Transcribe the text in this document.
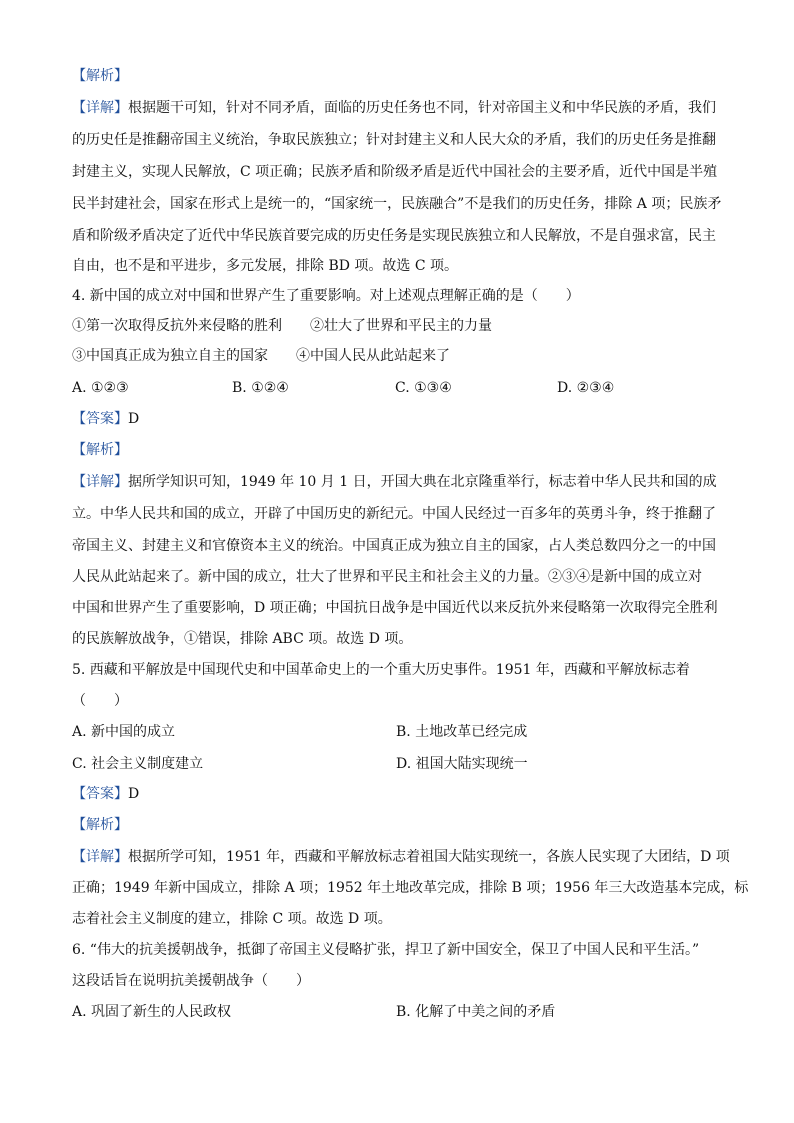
【解析】
【详解】根据题干可知，针对不同矛盾，面临的历史任务也不同，针对帝国主义和中华民族的矛盾，我们
的历史任是推翻帝国主义统治，争取民族独立；针对封建主义和人民大众的矛盾，我们的历史任务是推翻
封建主义，实现人民解放，C 项正确；民族矛盾和阶级矛盾是近代中国社会的主要矛盾，近代中国是半殖
民半封建社会，国家在形式上是统一的，“国家统一，民族融合”不是我们的历史任务，排除 A 项；民族矛
盾和阶级矛盾决定了近代中华民族首要完成的历史任务是实现民族独立和人民解放，不是自强求富，民主
自由，也不是和平进步，多元发展，排除 BD 项。故选 C 项。
4. 新中国的成立对中国和世界产生了重要影响。对上述观点理解正确的是（　　）
①第一次取得反抗外来侵略的胜利　　②壮大了世界和平民主的力量
③中国真正成为独立自主的国家　　④中国人民从此站起来了
A. ①②③	B. ①②④	C. ①③④	D. ②③④
【答案】D
【解析】
【详解】据所学知识可知，1949 年 10 月 1 日，开国大典在北京隆重举行，标志着中华人民共和国的成
立。中华人民共和国的成立，开辟了中国历史的新纪元。中国人民经过一百多年的英勇斗争，终于推翻了
帝国主义、封建主义和官僚资本主义的统治。中国真正成为独立自主的国家，占人类总数四分之一的中国
人民从此站起来了。新中国的成立，壮大了世界和平民主和社会主义的力量。②③④是新中国的成立对
中国和世界产生了重要影响，D 项正确；中国抗日战争是中国近代以来反抗外来侵略第一次取得完全胜利
的民族解放战争，①错误，排除 ABC 项。故选 D 项。
5. 西藏和平解放是中国现代史和中国革命史上的一个重大历史事件。1951 年，西藏和平解放标志着
（　　）
A. 新中国的成立	B. 土地改革已经完成
C. 社会主义制度建立	D. 祖国大陆实现统一
【答案】D
【解析】
【详解】根据所学可知，1951 年，西藏和平解放标志着祖国大陆实现统一，各族人民实现了大团结，D 项
正确；1949 年新中国成立，排除 A 项；1952 年土地改革完成，排除 B 项；1956 年三大改造基本完成，标
志着社会主义制度的建立，排除 C 项。故选 D 项。
6. “伟大的抗美援朝战争，抵御了帝国主义侵略扩张，捍卫了新中国安全，保卫了中国人民和平生活。”
这段话旨在说明抗美援朝战争（　　）
A. 巩固了新生的人民政权	B. 化解了中美之间的矛盾
